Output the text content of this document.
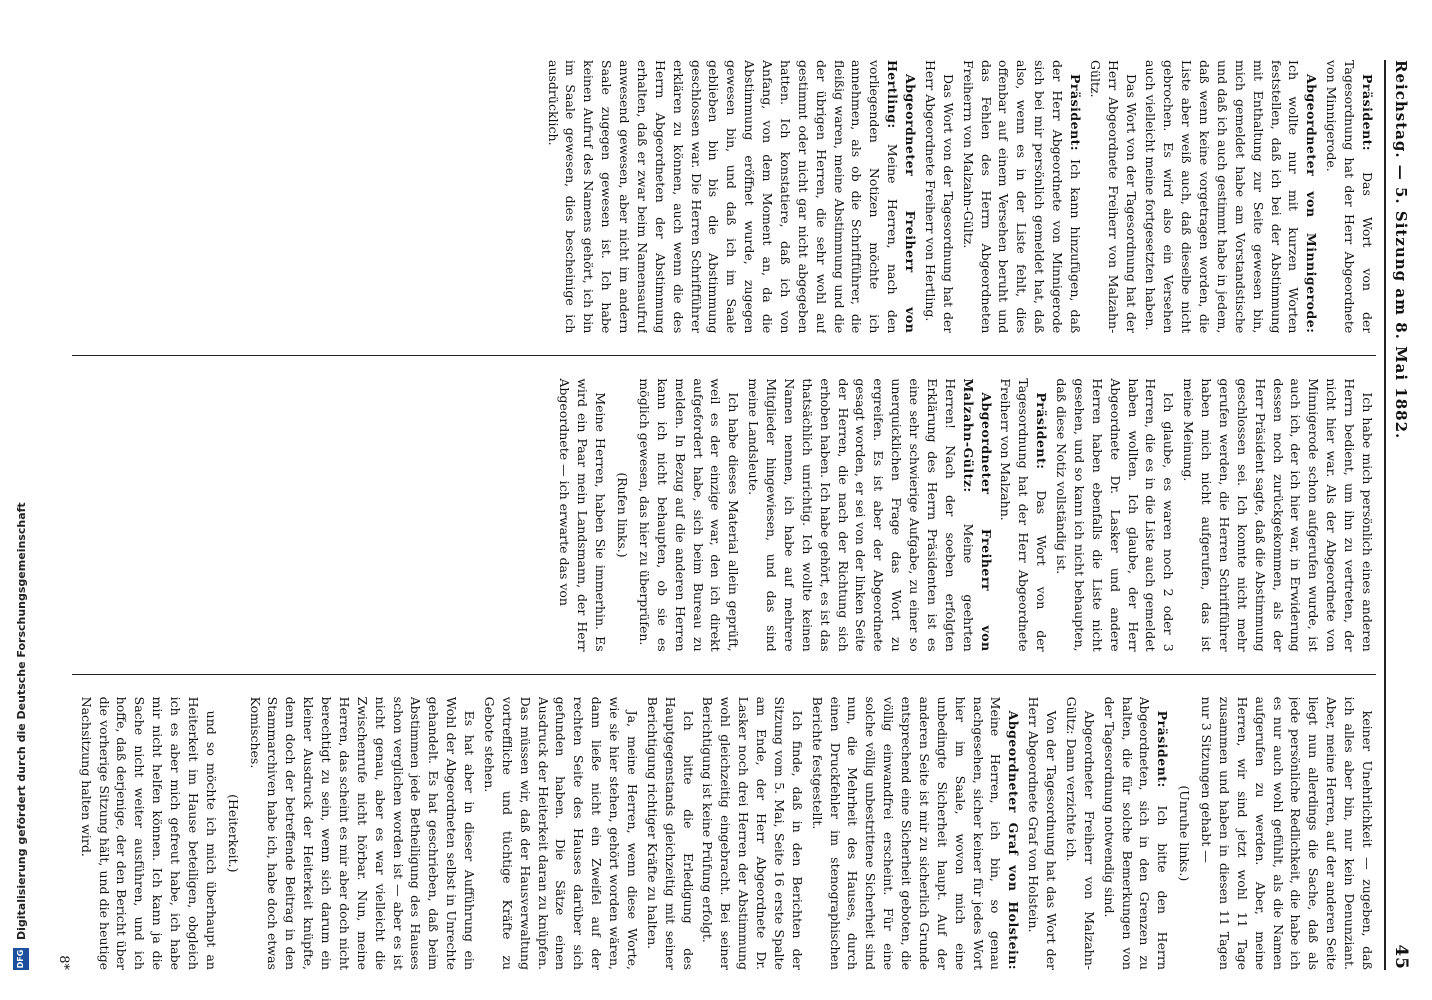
DFG
Digitalisierung gefördert durch die Deutsche Forschungsgemeinschaft
Reichstag. — 5. Sitzung am 8. Mai 1882.
45

Präsident: Das Wort von der Tagesordnung hat der Herr Abgeordnete von Minnigerode.

Abgeordneter von Minnigerode: Ich wollte nur mit kurzen Worten feststellen, daß ich bei der Abstimmung mit Enthaltung zur Seite gewesen bin, mich gemeldet habe am Vorstandstische und daß ich auch gestimmt habe in jedem, daß wenn keine vorgetragen worden, die Liste aber weiß auch, daß dieselbe nicht gebrochen. Es wird also ein Versehen auch vielleicht meine fortgesetzten haben.

Das Wort von der Tagesordnung hat der Herr Abgeordnete Freiherr von Malzahn-Gültz.

Präsident: Ich kann hinzufügen, daß der Herr Abgeordnete von Minnigerode sich bei mir persönlich gemeldet hat, daß also, wenn es in der Liste fehlt, dies offenbar auf einem Versehen beruht und das Fehlen des Herrn Abgeordneten Freiherrn von Malzahn-Gültz.

Das Wort von der Tagesordnung hat der Herr Abgeordnete Freiherr von Hertling.

Abgeordneter Freiherr von Hertling: Meine Herren, nach den vorliegenden Notizen möchte ich annehmen, als ob die Schriftführer, die fleißig waren, meine Abstimmung und die der übrigen Herren, die sehr wohl auf gestimmt oder nicht gar nicht abgegeben hatten. Ich konstatiere, daß ich von Anfang, von dem Moment an, da die Abstimmung eröffnet wurde, zugegen gewesen bin, und daß ich im Saale geblieben bin bis die Abstimmung geschlossen war. Die Herren Schriftführer erklären zu können, auch wenn die des Herrn Abgeordneten der Abstimmung erhalten, daß er zwar beim Namensaufruf anwesend gewesen, aber nicht im andern Saale zugegen gewesen ist. Ich habe keinen Aufruf des Namens gehört, ich bin im Saale gewesen, dies bescheinige ich ausdrücklich.

Ich habe mich persönlich eines anderen Herrn bedient, um ihn zu vertreten, der nicht hier war. Als der Abgeordnete von Minnigerode schon aufgerufen wurde, ist auch ich, der ich hier war, in Erwiderung dessen noch zurückgekommen, als der Herr Präsident sagte, daß die Abstimmung geschlossen sei. Ich konnte nicht mehr gerufen werden, die Herren Schriftführer haben mich nicht aufgerufen, das ist meine Meinung.

Ich glaube, es waren noch 2 oder 3 Herren, die es in die Liste auch gemeldet haben wollten. Ich glaube, der Herr Abgeordnete Dr. Lasker und andere Herren haben ebenfalls die Liste nicht gesehen, und so kann ich nicht behaupten, daß diese Notiz vollständig ist.

Präsident: Das Wort von der Tagesordnung hat der Herr Abgeordnete Freiherr von Malzahn.

Abgeordneter Freiherr von Malzahn-Gültz: Meine geehrten Herren! Nach der soeben erfolgten Erklärung des Herrn Präsidenten ist es eine sehr schwierige Aufgabe, zu einer so unerquicklichen Frage das Wort zu ergreifen. Es ist aber der Abgeordnete gesagt worden, er sei von der linken Seite der Herren, die nach der Richtung sich erhoben haben. Ich habe gehört, es ist das thatsächlich unrichtig. Ich wollte keinen Namen nennen, ich habe auf mehrere Mitglieder hingewiesen, und das sind meine Landsleute.

Ich habe dieses Material allein geprüft, weil es der einzige war, den ich direkt aufgefordert habe, sich beim Bureau zu melden. In Bezug auf die anderen Herren kann ich nicht behaupten, ob sie es möglich gewesen, das hier zu überprüfen.

(Rufen links.)

Meine Herren, haben Sie immerhin. Es wird ein Paar mein Landsmann, der Herr Abgeordnete — ich erwarte das von

keiner Unehrlichkeit — zugeben, daß ich alles aber bin, nur kein Denunziant. Aber, meine Herren, auf der anderen Seite liegt nun allerdings die Sache, daß als jede persönliche Redlichkeit, die habe ich es nur auch wohl gefühlt, als die Namen aufgerufen zu werden. Aber, meine Herren, wir sind jetzt wohl 11 Tage zusammen und haben in diesen 11 Tagen nur 3 Sitzungen gehabt —

(Unruhe links.)

Präsident: Ich bitte den Herrn Abgeordneten, sich in den Grenzen zu halten, die für solche Bemerkungen von der Tagesordnung notwendig sind.

Abgeordneter Freiherr von Malzahn-Gültz: Dann verzichte ich.

Von der Tagesordnung hat das Wort der Herr Abgeordnete Graf von Holstein.

Abgeordneter Graf von Holstein: Meine Herren, ich bin, so genau nachgesehen, sicher keiner für jedes Wort hier im Saale, wovon mich eine unbedingte Sicherheit haupt. Auf der anderen Seite ist mir zu sicherlich Grunde entsprechend eine Sicherheit geboten, die völlig einwandfrei erscheint. Für eine solche völlig unbestrittene Sicherheit sind nun, die Mehrheit des Hauses, durch einen Druckfehler im stenographischen Berichte festgestellt.

Ich finde, daß in den Berichten der Sitzung vom 5. Mai, Seite 16 erste Spalte am Ende, der Herr Abgeordnete Dr. Lasker noch drei Herren der Abstimmung wohl gleichzeitig eingebracht. Bei seiner Berichtigung ist keine Prüfung erfolgt.

Ich bitte die Erledigung des Hauptgegenstands gleichzeitig mit seiner Berichtigung richtiger Kräfte zu halten.

Ja, meine Herren, wenn diese Worte, wie sie hier stehen, gehört worden wären, dann ließe nicht ein Zweifel auf der rechten Seite des Hauses darüber sich gefunden haben. Die Sätze einen Ausdruck der Heiterkeit daran zu knüpfen. Das müssen wir, daß der Hausverwaltung vortreffliche und tüchtige Kräfte zu Gebote stehen.

Es hat aber in dieser Aufführung ein Wohl der Abgeordneten selbst in Unrechte gehandelt. Es hat geschrieben, daß beim Abstimmen jede Betheiligung des Hauses schon verglichen worden ist — aber es ist nicht genau, aber es war vielleicht die Zwischenrufe nicht hörbar. Nun, meine Herren, das scheint es mir aber doch nicht berechtigt zu sein, wenn sich darum ein kleiner Ausdruck der Heiterkeit knüpfte, denn doch der betreffende Beitrag in den Stammarchiven habe ich, habe doch etwas Komisches.

(Heiterkeit.)

und so möchte ich mich überhaupt an Heiterkeit im Hause beteiligen, obgleich ich es aber mich gefreut habe, ich habe mir nicht helfen können. Ich kann ja die Sache nicht weiter ausführen, und ich hoffe, daß derjenige, der den Bericht über die vorherige Sitzung hält, und die heutige Nachsitzung halten wird.

8*
